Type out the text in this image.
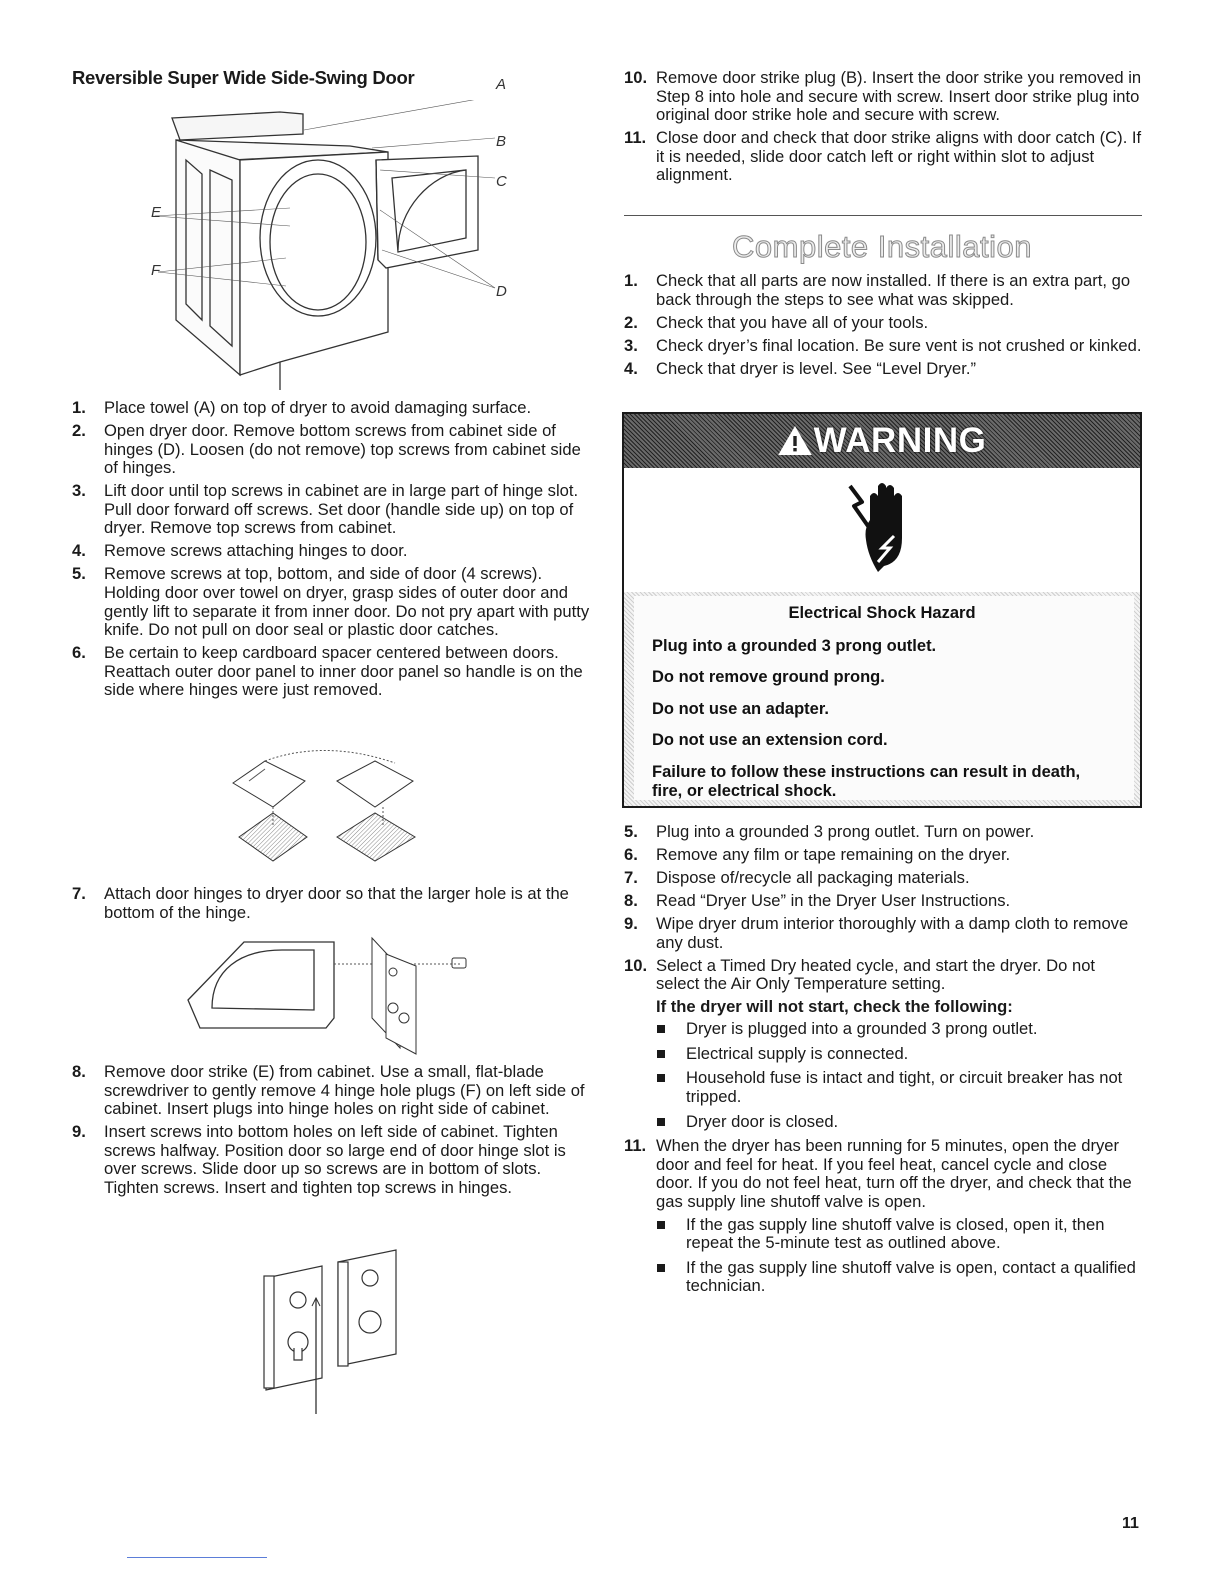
Reversible Super Wide Side-Swing Door	A
B
C
D
E
F
1. Place towel (A) on top of dryer to avoid damaging surface.
2. Open dryer door. Remove bottom screws from cabinet side of hinges (D). Loosen (do not remove) top screws from cabinet side of hinges.
3. Lift door until top screws in cabinet are in large part of hinge slot. Pull door forward off screws. Set door (handle side up) on top of dryer. Remove top screws from cabinet.
4. Remove screws attaching hinges to door.
5. Remove screws at top, bottom, and side of door (4 screws). Holding door over towel on dryer, grasp sides of outer door and gently lift to separate it from inner door. Do not pry apart with putty knife. Do not pull on door seal or plastic door catches.
6. Be certain to keep cardboard spacer centered between doors. Reattach outer door panel to inner door panel so handle is on the side where hinges were just removed.
7. Attach door hinges to dryer door so that the larger hole is at the bottom of the hinge.
8. Remove door strike (E) from cabinet. Use a small, flat-blade screwdriver to gently remove 4 hinge hole plugs (F) on left side of cabinet. Insert plugs into hinge holes on right side of cabinet.
9. Insert screws into bottom holes on left side of cabinet. Tighten screws halfway. Position door so large end of door hinge slot is over screws. Slide door up so screws are in bottom of slots. Tighten screws. Insert and tighten top screws in hinges.
10. Remove door strike plug (B). Insert the door strike you removed in Step 8 into hole and secure with screw. Insert door strike plug into original door strike hole and secure with screw.
11. Close door and check that door strike aligns with door catch (C). If it is needed, slide door catch left or right within slot to adjust alignment.
Complete Installation
1. Check that all parts are now installed. If there is an extra part, go back through the steps to see what was skipped.
2. Check that you have all of your tools.
3. Check dryer’s final location. Be sure vent is not crushed or kinked.
4. Check that dryer is level. See “Level Dryer.”
WARNING
Electrical Shock Hazard

Plug into a grounded 3 prong outlet.

Do not remove ground prong.

Do not use an adapter.

Do not use an extension cord.

Failure to follow these instructions can result in death, fire, or electrical shock.

5. Plug into a grounded 3 prong outlet. Turn on power.
6. Remove any film or tape remaining on the dryer.
7. Dispose of/recycle all packaging materials.
8. Read “Dryer Use” in the Dryer User Instructions.
9. Wipe dryer drum interior thoroughly with a damp cloth to remove any dust.
10. Select a Timed Dry heated cycle, and start the dryer. Do not select the Air Only Temperature setting.
If the dryer will not start, check the following:
Dryer is plugged into a grounded 3 prong outlet.
Electrical supply is connected.
Household fuse is intact and tight, or circuit breaker has not tripped.
Dryer door is closed.
11. When the dryer has been running for 5 minutes, open the dryer door and feel for heat. If you feel heat, cancel cycle and close door. If you do not feel heat, turn off the dryer, and check that the gas supply line shutoff valve is open.
If the gas supply line shutoff valve is closed, open it, then repeat the 5-minute test as outlined above.
If the gas supply line shutoff valve is open, contact a qualified technician.
11
